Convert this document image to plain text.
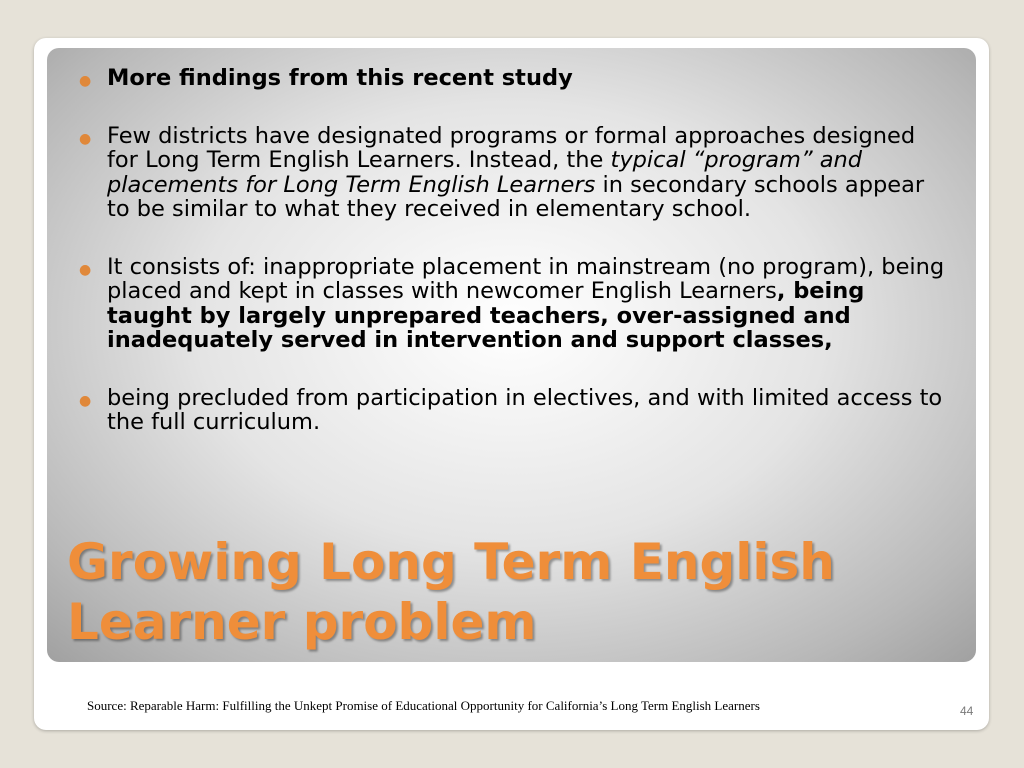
● More findings from this recent study
● Few districts have designated programs or formal approaches designed for Long Term English Learners. Instead, the typical “program” and placements for Long Term English Learners in secondary schools appear to be similar to what they received in elementary school.
● It consists of: inappropriate placement in mainstream (no program), being placed and kept in classes with newcomer English Learners, being taught by largely unprepared teachers, over-assigned and inadequately served in intervention and support classes,
● being precluded from participation in electives, and with limited access to the full curriculum.
Growing Long Term English Learner problem
Source: Reparable Harm: Fulfilling the Unkept Promise of Educational Opportunity for California’s Long Term English Learners	44
